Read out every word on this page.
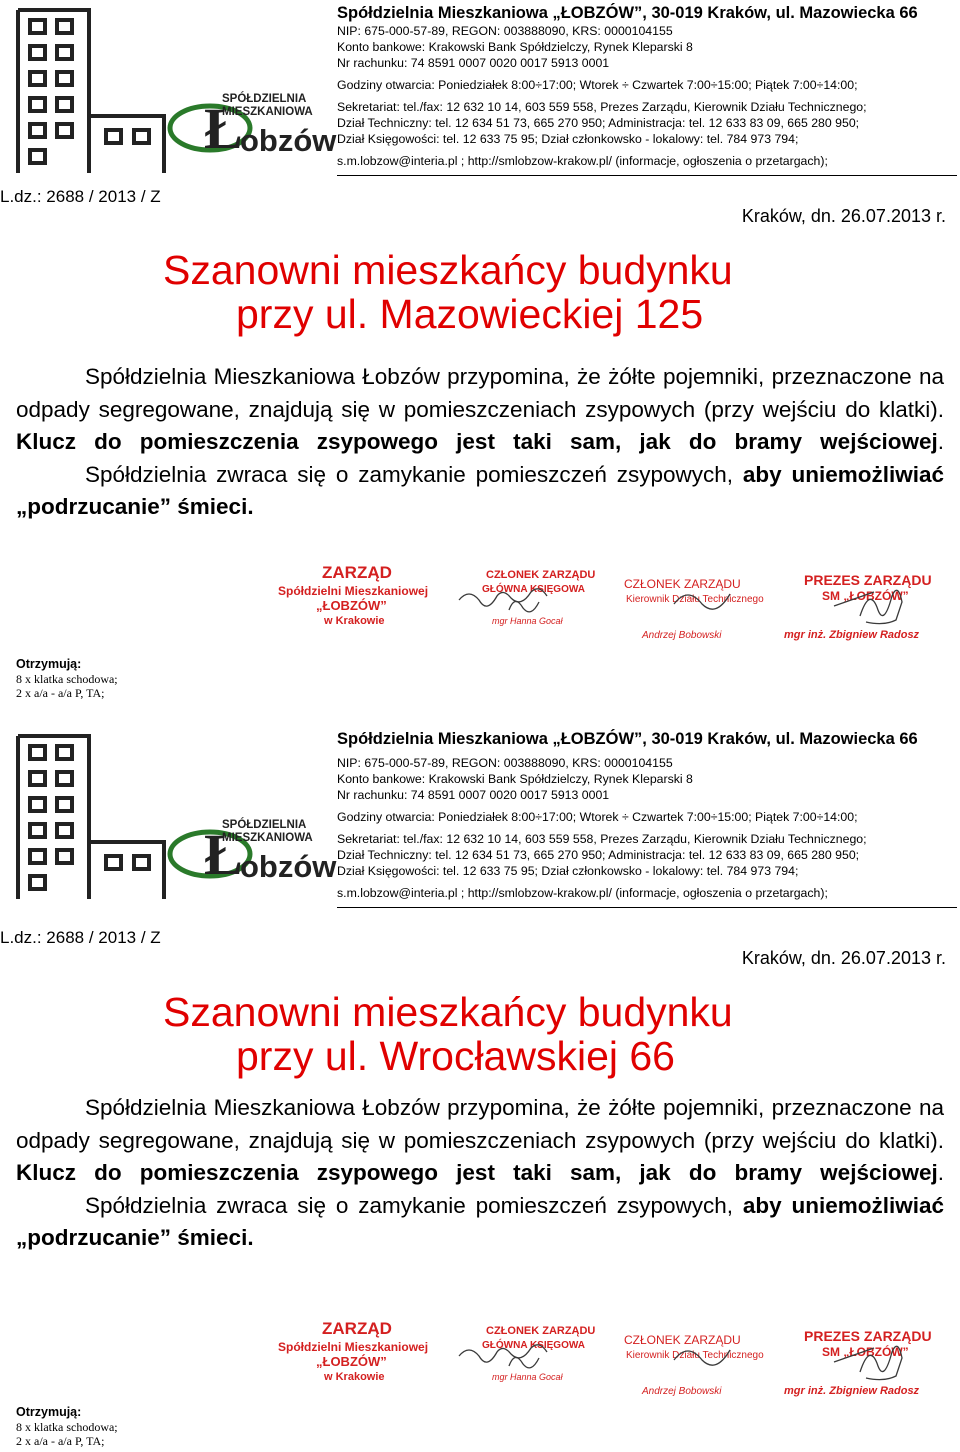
Ł
SPÓŁDZIELNIA
MIESZKANIOWA
obzów
Spółdzielnia Mieszkaniowa „ŁOBZÓW”, 30-019 Kraków, ul. Mazowiecka 66
NIP: 675-000-57-89, REGON: 003888090, KRS: 0000104155
Konto bankowe: Krakowski Bank Spółdzielczy, Rynek Kleparski 8
Nr rachunku: 74 8591 0007 0020 0017 5913 0001
Godziny otwarcia: Poniedziałek 8:00÷17:00; Wtorek ÷ Czwartek 7:00÷15:00; Piątek 7:00÷14:00;
Sekretariat: tel./fax: 12 632 10 14, 603 559 558, Prezes Zarządu, Kierownik Działu Technicznego;
Dział Techniczny: tel. 12 634 51 73, 665 270 950; Administracja: tel. 12 633 83 09, 665 280 950;
Dział Księgowości: tel. 12 633 75 95; Dział członkowsko - lokalowy: tel. 784 973 794;
s.m.lobzow@interia.pl ; http://smlobzow-krakow.pl/ (informacje, ogłoszenia o przetargach);
L.dz.: 2688 / 2013 / Z
Kraków, dn. 26.07.2013 r.
Szanowni mieszkańcy budynku
przy ul. Mazowieckiej 125
Spółdzielnia Mieszkaniowa Łobzów przypomina, że żółte pojemniki, przeznaczone na odpady segregowane, znajdują się w pomieszczeniach zsypowych (przy wejściu do klatki). Klucz do pomieszczenia zsypowego jest taki sam, jak do bramy wejściowej.
Spółdzielnia zwraca się o zamykanie pomieszczeń zsypowych, aby uniemożliwiać „podrzucanie” śmieci.
ZARZĄD
Spółdzielni Mieszkaniowej
„ŁOBZÓW”
w Krakowie
CZŁONEK ZARZĄDU
GŁÓWNA KSIĘGOWA	CZŁONEK ZARZĄDU
Kierownik Działu Technicznego
PREZES ZARZĄDU
SM „ŁOBZÓW”
mgr Hanna Gocał
Andrzej Bobowski	mgr inż. Zbigniew Radosz
Otrzymują:
8 x klatka schodowa;
2 x a/a - a/a P, TA;
Ł
SPÓŁDZIELNIA
MIESZKANIOWA
obzów
Spółdzielnia Mieszkaniowa „ŁOBZÓW”, 30-019 Kraków, ul. Mazowiecka 66
NIP: 675-000-57-89, REGON: 003888090, KRS: 0000104155
Konto bankowe: Krakowski Bank Spółdzielczy, Rynek Kleparski 8
Nr rachunku: 74 8591 0007 0020 0017 5913 0001
Godziny otwarcia: Poniedziałek 8:00÷17:00; Wtorek ÷ Czwartek 7:00÷15:00; Piątek 7:00÷14:00;
Sekretariat: tel./fax: 12 632 10 14, 603 559 558, Prezes Zarządu, Kierownik Działu Technicznego;
Dział Techniczny: tel. 12 634 51 73, 665 270 950; Administracja: tel. 12 633 83 09, 665 280 950;
Dział Księgowości: tel. 12 633 75 95; Dział członkowsko - lokalowy: tel. 784 973 794;
s.m.lobzow@interia.pl ; http://smlobzow-krakow.pl/ (informacje, ogłoszenia o przetargach);
L.dz.: 2688 / 2013 / Z
Kraków, dn. 26.07.2013 r.
Szanowni mieszkańcy budynku
przy ul. Wrocławskiej 66
Spółdzielnia Mieszkaniowa Łobzów przypomina, że żółte pojemniki, przeznaczone na odpady segregowane, znajdują się w pomieszczeniach zsypowych (przy wejściu do klatki). Klucz do pomieszczenia zsypowego jest taki sam, jak do bramy wejściowej.
Spółdzielnia zwraca się o zamykanie pomieszczeń zsypowych, aby uniemożliwiać „podrzucanie” śmieci.
ZARZĄD
Spółdzielni Mieszkaniowej
„ŁOBZÓW”
w Krakowie
CZŁONEK ZARZĄDU
GŁÓWNA KSIĘGOWA	CZŁONEK ZARZĄDU
Kierownik Działu Technicznego
PREZES ZARZĄDU
SM „ŁOBZÓW”
mgr Hanna Gocał
Andrzej Bobowski	mgr inż. Zbigniew Radosz
Otrzymują:
8 x klatka schodowa;
2 x a/a - a/a P, TA;
